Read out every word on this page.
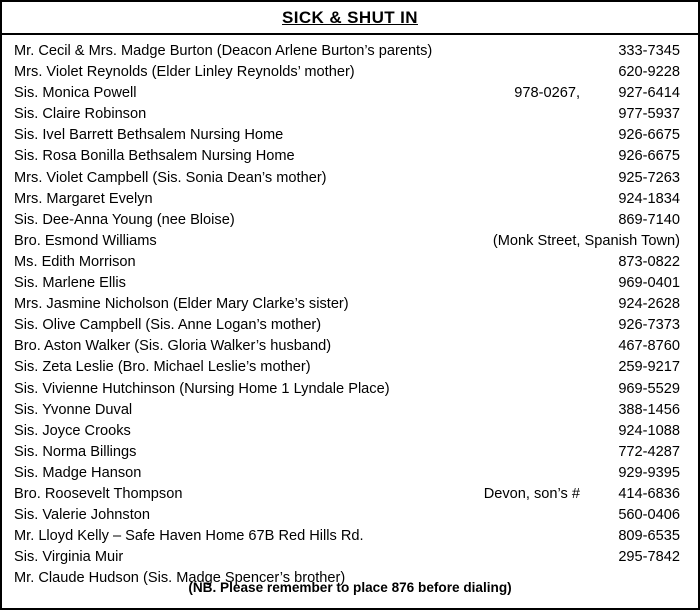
SICK & SHUT IN
Mr. Cecil & Mrs. Madge Burton (Deacon Arlene Burton’s parents)	333-7345
Mrs. Violet Reynolds (Elder Linley Reynolds’ mother)	620-9228
Sis. Monica Powell	978-0267,	927-6414
Sis. Claire Robinson	977-5937
Sis. Ivel Barrett Bethsalem Nursing Home	926-6675
Sis. Rosa Bonilla Bethsalem Nursing Home	926-6675
Mrs. Violet Campbell (Sis. Sonia Dean’s mother)	925-7263
Mrs. Margaret Evelyn	924-1834
Sis. Dee-Anna Young (nee Bloise)	869-7140
Bro. Esmond Williams	(Monk Street, Spanish Town)
Ms. Edith Morrison	873-0822
Sis. Marlene Ellis	969-0401
Mrs. Jasmine Nicholson (Elder Mary Clarke’s sister)	924-2628
Sis. Olive Campbell (Sis. Anne Logan’s mother)	926-7373
Bro. Aston Walker (Sis. Gloria Walker’s husband)	467-8760
Sis. Zeta Leslie (Bro. Michael Leslie’s mother)	259-9217
Sis. Vivienne Hutchinson (Nursing Home 1 Lyndale Place)	969-5529
Sis. Yvonne Duval	388-1456
Sis. Joyce Crooks	924-1088
Sis. Norma Billings	772-4287
Sis. Madge Hanson	929-9395
Bro. Roosevelt Thompson	Devon, son’s #	414-6836
Sis. Valerie Johnston	560-0406
Mr. Lloyd Kelly – Safe Haven Home 67B Red Hills Rd.	809-6535
Sis. Virginia Muir	295-7842
Mr. Claude Hudson (Sis. Madge Spencer’s brother)
(NB. Please remember to place 876 before dialing)
